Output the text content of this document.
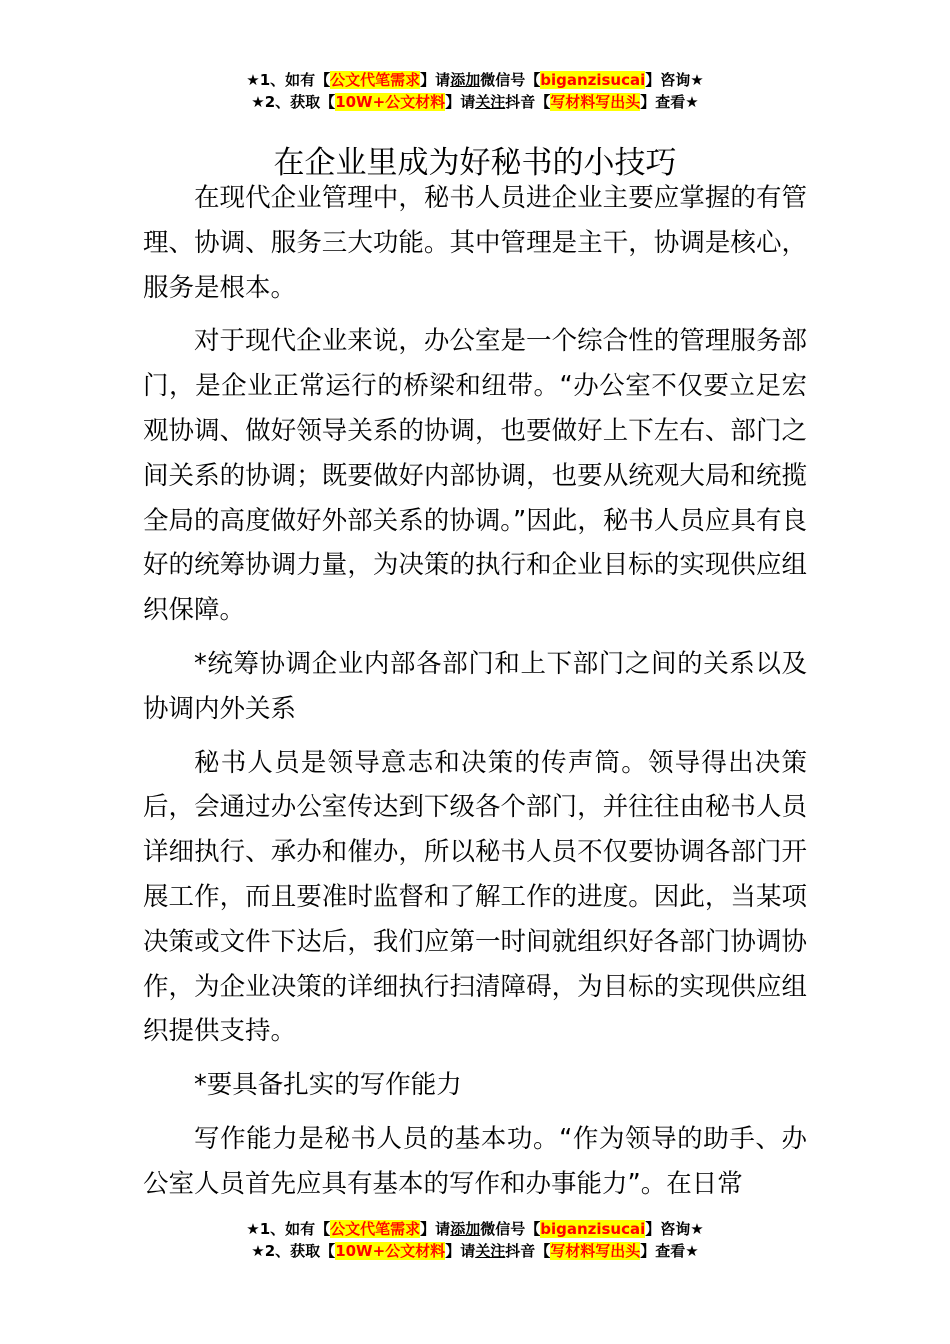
★1、如有【公文代笔需求】请添加微信号【biganzisucai】咨询★
★2、获取【10W+公文材料】请关注抖音【写材料写出头】查看★
在企业里成为好秘书的小技巧

在现代企业管理中，秘书人员进企业主要应掌握的有管理、协调、服务三大功能。其中管理是主干，协调是核心，服务是根本。

对于现代企业来说，办公室是一个综合性的管理服务部门，是企业正常运行的桥梁和纽带。“办公室不仅要立足宏观协调、做好领导关系的协调，也要做好上下左右、部门之间关系的协调；既要做好内部协调，也要从统观大局和统揽全局的高度做好外部关系的协调。”因此，秘书人员应具有良好的统筹协调力量，为决策的执行和企业目标的实现供应组织保障。

*统筹协调企业内部各部门和上下部门之间的关系以及协调内外关系

秘书人员是领导意志和决策的传声筒。领导得出决策后，会通过办公室传达到下级各个部门，并往往由秘书人员详细执行、承办和催办，所以秘书人员不仅要协调各部门开展工作，而且要准时监督和了解工作的进度。因此，当某项决策或文件下达后，我们应第一时间就组织好各部门协调协作，为企业决策的详细执行扫清障碍，为目标的实现供应组织提供支持。

*要具备扎实的写作能力

写作能力是秘书人员的基本功。“作为领导的助手、办公室人员首先应具有基本的写作和办事能力”。在日常

★1、如有【公文代笔需求】请添加微信号【biganzisucai】咨询★
★2、获取【10W+公文材料】请关注抖音【写材料写出头】查看★
